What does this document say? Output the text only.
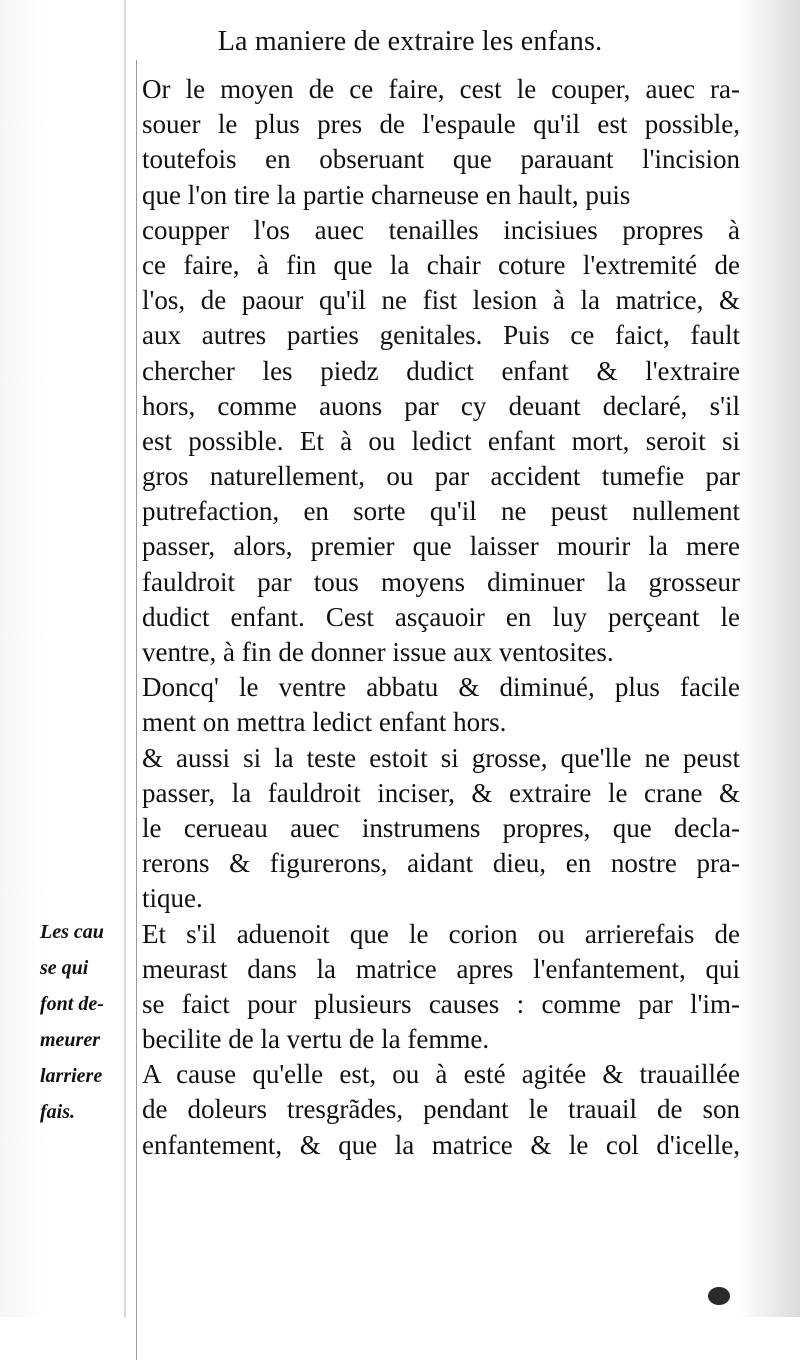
La maniere de extraire les enfans.
Or le moyen de ce faire, cest le couper, auec ra-
souer le plus pres de l'espaule qu'il est possible,
toutefois en obseruant que parauant l'incision
que l'on tire la partie charneuse en hault, puis
coupper l'os auec tenailles incisiues propres à
ce faire, à fin que la chair coture l'extremité de
l'os, de paour qu'il ne fist lesion à la matrice, &
aux autres parties genitales. Puis ce faict, fault
chercher les piedz dudict enfant & l'extraire
hors, comme auons par cy deuant declaré, s'il
est possible. Et à ou ledict enfant mort, seroit si
gros naturellement, ou par accident tumefie par
putrefaction, en sorte qu'il ne peust nullement
passer, alors, premier que laisser mourir la mere
fauldroit par tous moyens diminuer la grosseur
dudict enfant. Cest asçauoir en luy perçeant le
ventre, à fin de donner issue aux ventosites.
Doncq' le ventre abbatu & diminué, plus facile
ment on mettra ledict enfant hors.
& aussi si la teste estoit si grosse, que'lle ne peust
passer, la fauldroit inciser, & extraire le crane &
le cerueau auec instrumens propres, que decla-
rerons & figurerons, aidant dieu, en nostre pra-
tique.
Et s'il aduenoit que le corion ou arrierefais de
meurast dans la matrice apres l'enfantement, qui
se faict pour plusieurs causes : comme par l'im-
becilite de la vertu de la femme.
A cause qu'elle est, ou à esté agitée & trauaillée
de doleurs tresgrãdes, pendant le trauail de son
enfantement, & que la matrice & le col d'icelle,
Les cau
se qui
font de-
meurer
larriere
fais.
